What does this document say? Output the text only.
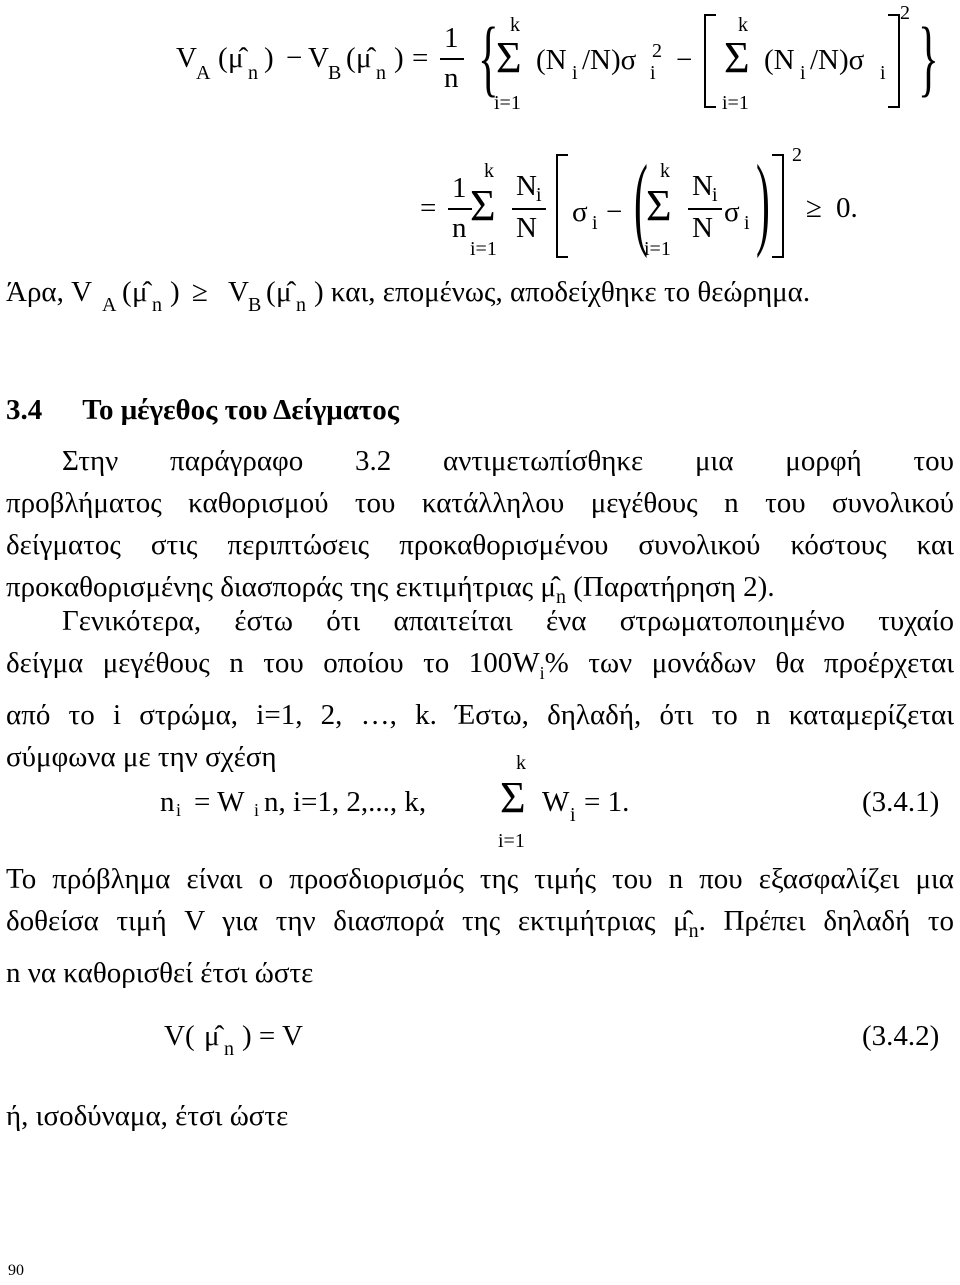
V A ( μ̂ n ) − V B ( μ̂ n ) =
1
n { k
Σ
i=1
(N i /N)σ 2
i −
k
Σ
i=1
(N i /N)σ i
2 }
=
1
n
k
Σ
i=1
N i
N σ i − ( k
Σ
i=1
N i
N σ i ) 2
≥ 0.
Άρα, V A ( μ̂ n ) ≥ V B ( μ̂ n ) και, επομένως, αποδείχθηκε το θεώρημα.
3.4 Το μέγεθος του Δείγματος
Στην παράγραφο 3.2 αντιμετωπίσθηκε μια μορφή του
προβλήματος καθορισμού του κατάλληλου μεγέθους n του συνολικού
δείγματος στις περιπτώσεις προκαθορισμένου συνολικού κόστους και
προκαθορισμένης διασποράς της εκτιμήτριας $\mû_n$ (Παρατήρηση 2).
Γενικότερα, έστω ότι απαιτείται ένα στρωματοποιημένο τυχαίο
δείγμα μεγέθους n του οποίου το $100W_i\%$ των μονάδων θα προέρχεται
από το i στρώμα, i=1, 2, …, k. Έστω, δηλαδή, ότι το n καταμερίζεται
σύμφωνα με την σχέση
n i = W i n, i=1, 2,..., k,
k
Σ
i=1
W i = 1.	(3.4.1)
Το πρόβλημα είναι ο προσδιορισμός της τιμής του n που εξασφαλίζει μια
δοθείσα τιμή V για την διασπορά της εκτιμήτριας $\mû_n$. Πρέπει δηλαδή το
n να καθορισθεί έτσι ώστε
V( μ̂ n ) = V	(3.4.2)
ή, ισοδύναμα, έτσι ώστε
90
